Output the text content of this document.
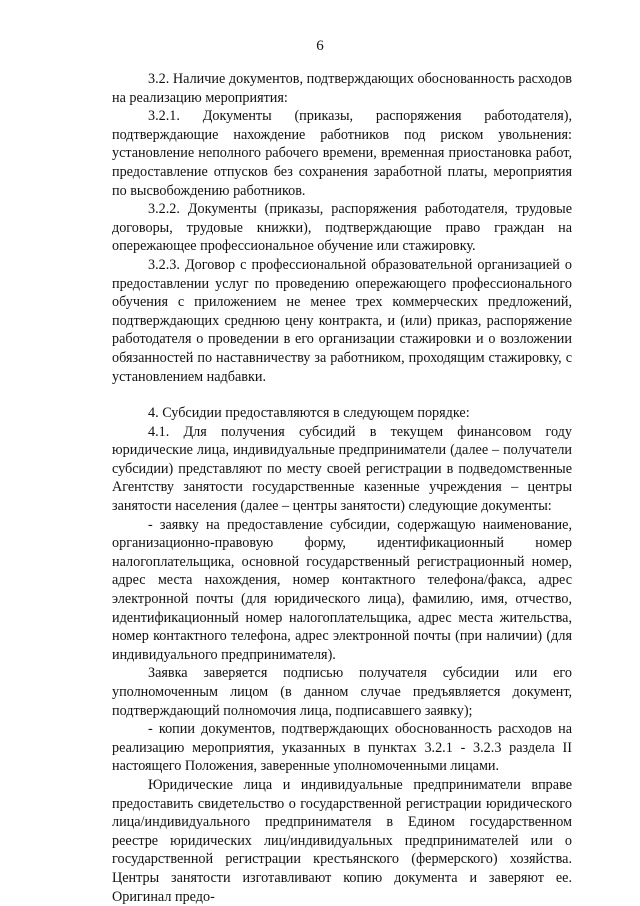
6

3.2. Наличие документов, подтверждающих обоснованность расходов на реализацию мероприятия:

3.2.1. Документы (приказы, распоряжения работодателя), подтверждающие нахождение работников под риском увольнения: установление неполного рабочего времени, временная приостановка работ, предоставление отпусков без сохранения заработной платы, мероприятия по высвобождению работников.

3.2.2. Документы (приказы, распоряжения работодателя, трудовые договоры, трудовые книжки), подтверждающие право граждан на опережающее профессиональное обучение или стажировку.

3.2.3. Договор с профессиональной образовательной организацией о предоставлении услуг по проведению опережающего профессионального обучения с приложением не менее трех коммерческих предложений, подтверждающих среднюю цену контракта, и (или) приказ, распоряжение работодателя о проведении в его организации стажировки и о возложении обязанностей по наставничеству за работником, проходящим стажировку, с установлением надбавки.

4. Субсидии предоставляются в следующем порядке:

4.1. Для получения субсидий в текущем финансовом году юридические лица, индивидуальные предприниматели (далее – получатели субсидии) представляют по месту своей регистрации в подведомственные Агентству занятости государственные казенные учреждения – центры занятости населения (далее – центры занятости) следующие документы:

- заявку на предоставление субсидии, содержащую наименование, организационно-правовую форму, идентификационный номер налогоплательщика, основной государственный регистрационный номер, адрес места нахождения, номер контактного телефона/факса, адрес электронной почты (для юридического лица), фамилию, имя, отчество, идентификационный номер налогоплательщика, адрес места жительства, номер контактного телефона, адрес электронной почты (при наличии) (для индивидуального предпринимателя).

Заявка заверяется подписью получателя субсидии или его уполномоченным лицом (в данном случае предъявляется документ, подтверждающий полномочия лица, подписавшего заявку);

- копии документов, подтверждающих обоснованность расходов на реализацию мероприятия, указанных в пунктах 3.2.1 - 3.2.3 раздела II настоящего Положения, заверенные уполномоченными лицами.

Юридические лица и индивидуальные предприниматели вправе предоставить свидетельство о государственной регистрации юридического лица/индивидуального предпринимателя в Едином государственном реестре юридических лиц/индивидуальных предпринимателей или о государственной регистрации крестьянского (фермерского) хозяйства. Центры занятости изготавливают копию документа и заверяют ее. Оригинал предо-
